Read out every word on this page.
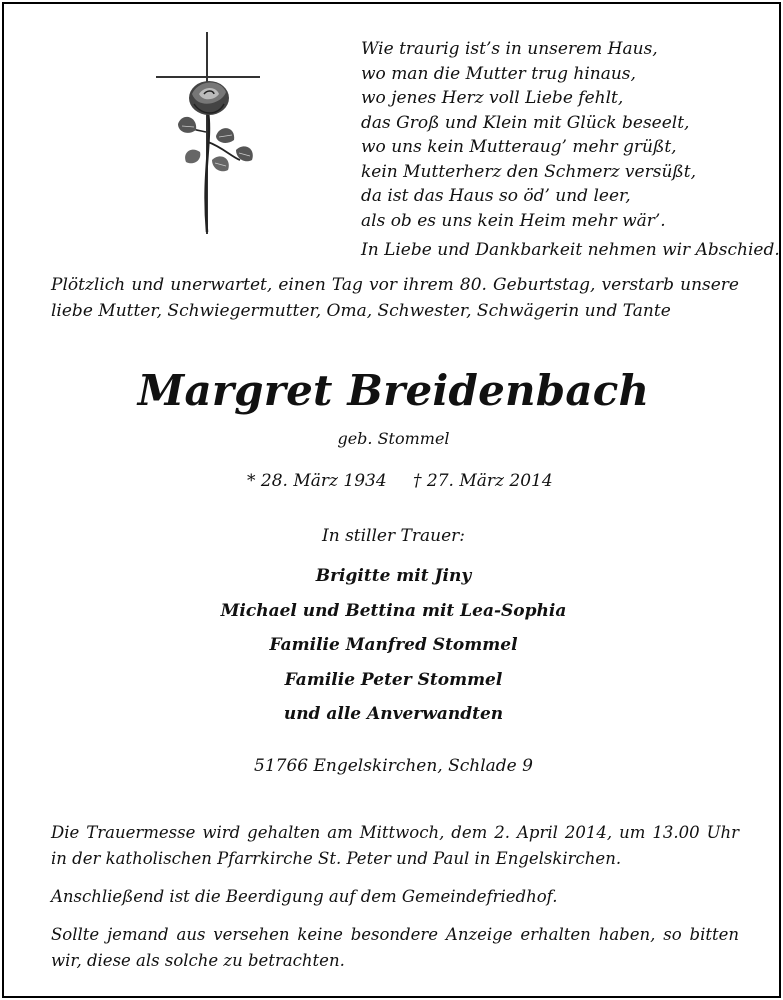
Wie traurig ist’s in unserem Haus,
wo man die Mutter trug hinaus,
wo jenes Herz voll Liebe fehlt,
das Groß und Klein mit Glück beseelt,
wo uns kein Mutteraug’ mehr grüßt,
kein Mutterherz den Schmerz versüßt,
da ist das Haus so öd’ und leer,
als ob es uns kein Heim mehr wär’.
In Liebe und Dankbarkeit nehmen wir Abschied.
Plötzlich und unerwartet, einen Tag vor ihrem 80. Geburtstag, verstarb unsere liebe Mutter, Schwiegermutter, Oma, Schwester, Schwägerin und Tante
Margret Breidenbach
geb. Stommel
* 28. März 1934 † 27. März 2014
In stiller Trauer:
Brigitte mit Jiny
Michael und Bettina mit Lea-Sophia
Familie Manfred Stommel
Familie Peter Stommel
und alle Anverwandten
51766 Engelskirchen, Schlade 9
Die Trauermesse wird gehalten am Mittwoch, dem 2. April 2014, um 13.00 Uhr in der katholischen Pfarrkirche St. Peter und Paul in Engelskirchen.
Anschließend ist die Beerdigung auf dem Gemeindefriedhof.
Sollte jemand aus versehen keine besondere Anzeige erhalten haben, so bitten wir, diese als solche zu betrachten.
